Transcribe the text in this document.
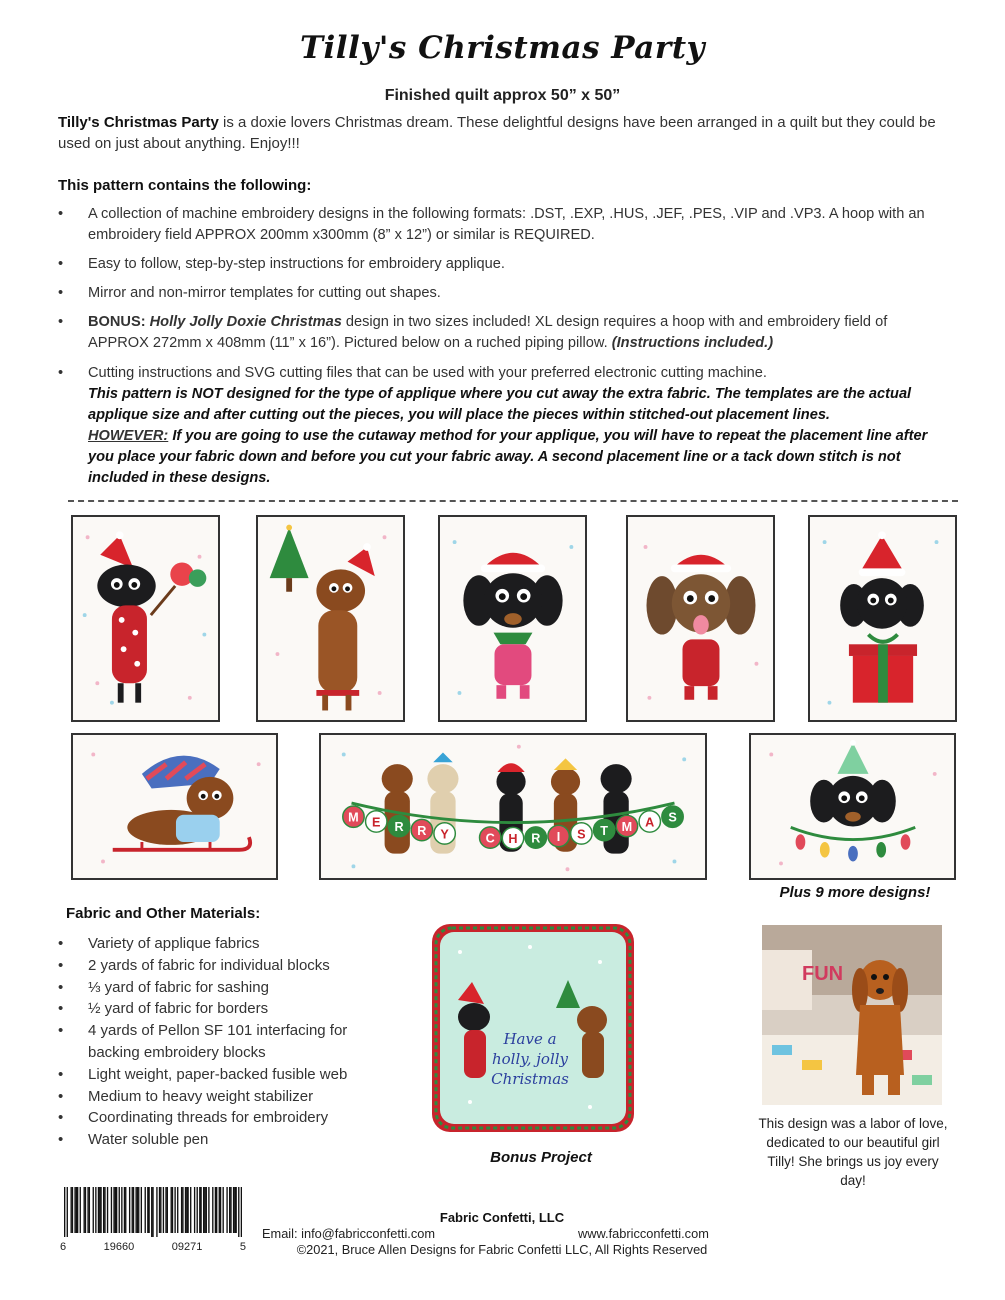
Tilly's Christmas Party
Finished quilt approx 50” x 50”
Tilly's Christmas Party is a doxie lovers Christmas dream. These delightful designs have been arranged in a quilt but they could be used on just about anything. Enjoy!!!
This pattern contains the following:
• A collection of machine embroidery designs in the following formats: .DST, .EXP, .HUS, .JEF, .PES, .VIP and .VP3. A hoop with an embroidery field APPROX 200mm x300mm (8” x 12”) or similar is REQUIRED.
• Easy to follow, step-by-step instructions for embroidery applique.
• Mirror and non-mirror templates for cutting out shapes.
• BONUS: Holly Jolly Doxie Christmas design in two sizes included! XL design requires a hoop with and embroidery field of APPROX 272mm x 408mm (11” x 16”). Pictured below on a ruched piping pillow. (Instructions included.)
• Cutting instructions and SVG cutting files that can be used with your preferred electronic cutting machine.
This pattern is NOT designed for the type of applique where you cut away the extra fabric. The templates are the actual applique size and after cutting out the pieces, you will place the pieces within stitched-out placement lines.
HOWEVER: If you are going to use the cutaway method for your applique, you will have to repeat the placement line after you place your fabric down and before you cut your fabric away. A second placement line or a tack down stitch is not included in these designs.
M E R R Y	C H R I S T M A S
Plus 9 more designs!
Fabric and Other Materials:
• Variety of applique fabrics
• 2 yards of fabric for individual blocks
• ⅓ yard of fabric for sashing
• ½ yard of fabric for borders
• 4 yards of Pellon SF 101 interfacing for backing embroidery blocks
• Light weight, paper-backed fusible web
• Medium to heavy weight stabilizer
• Coordinating threads for embroidery
• Water soluble pen
Have a
holly, jolly
Christmas
Bonus Project
FUN
This design was a labor of love, dedicated to our beautiful girl Tilly! She brings us joy every day!
6	19660	09271	5
Fabric Confetti, LLC
Email: info@fabricconfetti.com	www.fabricconfetti.com
©2021, Bruce Allen Designs for Fabric Confetti LLC, All Rights Reserved
